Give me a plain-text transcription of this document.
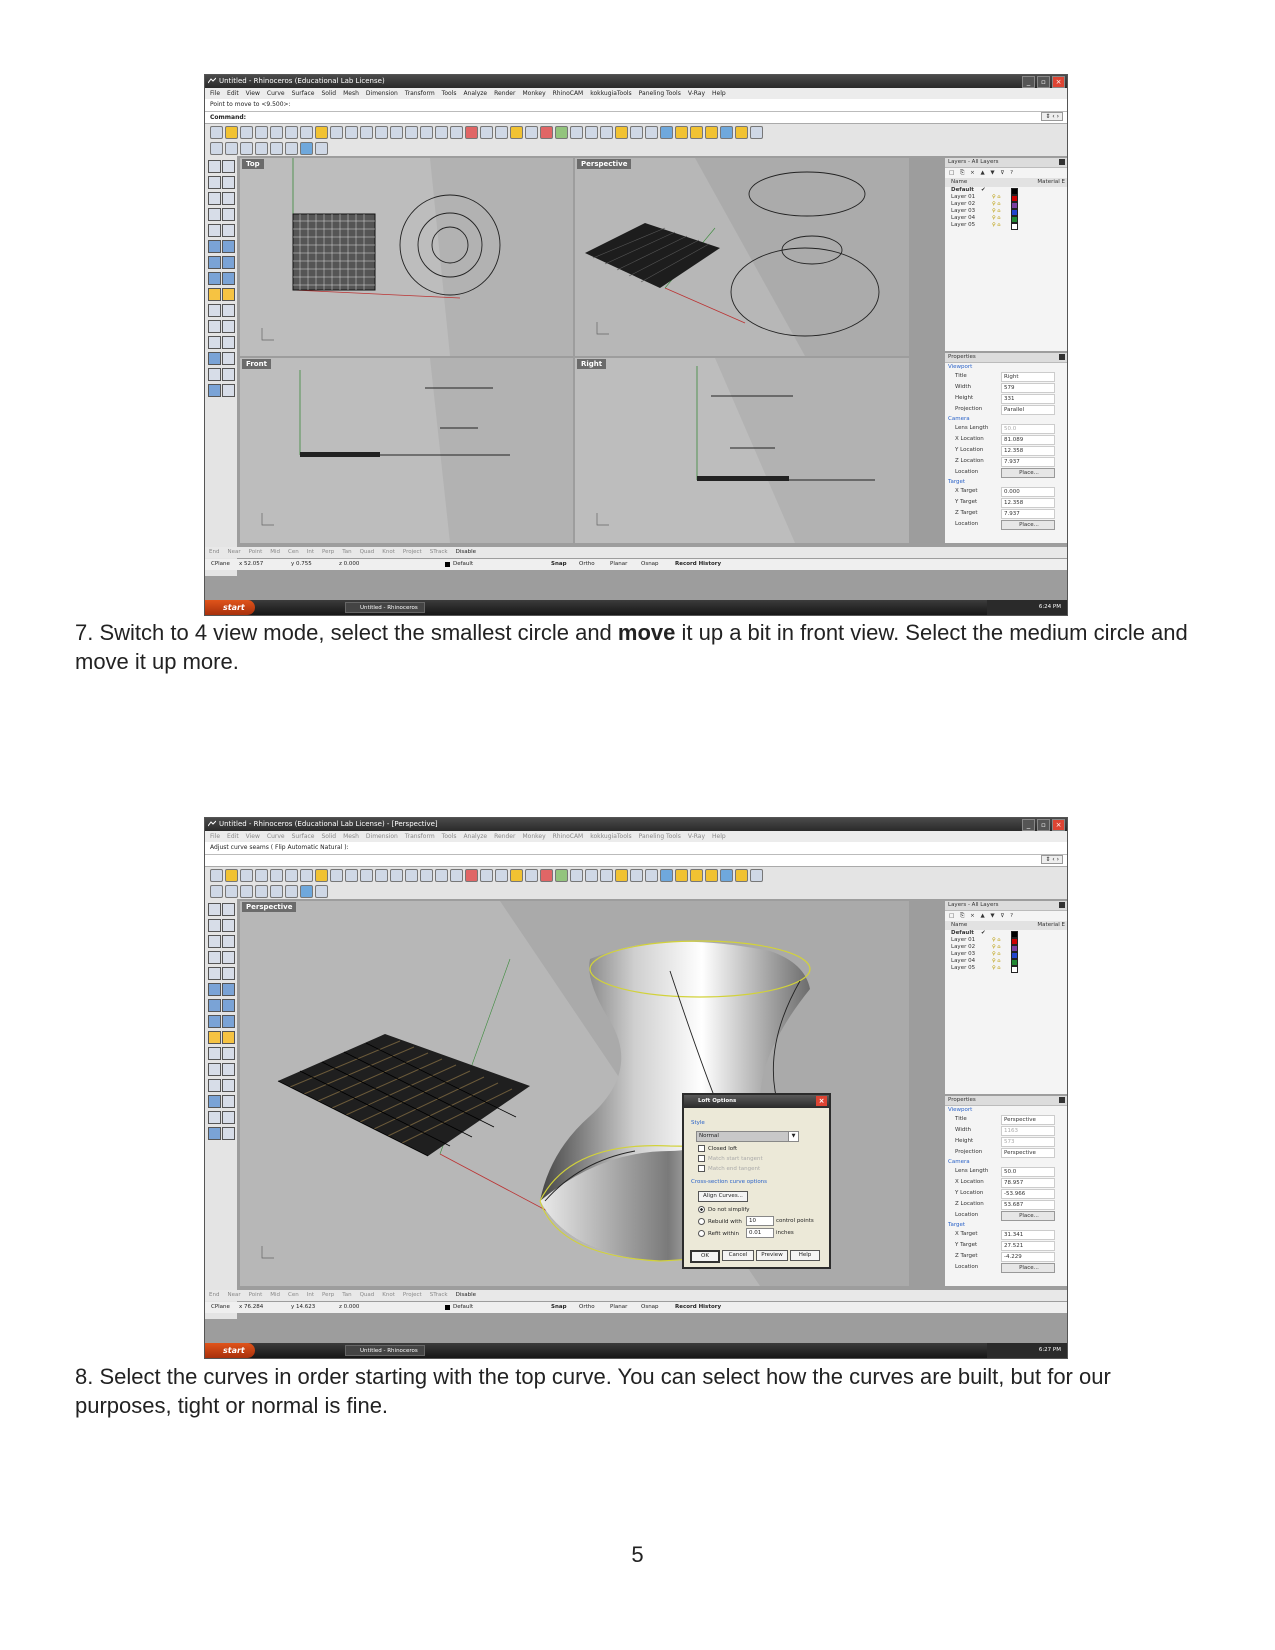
Untitled - Rhinoceros (Educational Lab License)	_	▫	×
File Edit View Curve Surface Solid Mesh Dimension Transform Tools Analyze Render Monkey RhinoCAM kokkugiaTools Paneling Tools V-Ray Help
Point to move to <9.500>:
Command:	⇕ ‹ ›
Top	Perspective
Front	Right
Layers - All Layers
□ ⎘ × ▲ ▼ ⊽ ?
Name	Material E
Default ✔
Layer 01	♀ ⌂
Layer 02	♀ ⌂
Layer 03	♀ ⌂
Layer 04	♀ ⌂
Layer 05	♀ ⌂
Properties
Viewport
Title	Right
Width	579
Height	331
Projection	Parallel
Camera
Lens Length	50.0
X Location	81.089
Y Location	12.358
Z Location	7.937
Location	Place...
Target
X Target	0.000
Y Target	12.358
Z Target	7.937
Location	Place...
End Near Point Mid Cen Int Perp Tan Quad Knot Project STrack Disable
CPlane x 52.057	y 0.755	z 0.000	Default	Snap Ortho	Planar Osnap	Record History
start	Untitled - Rhinoceros	6:24 PM
7. Switch to 4 view mode, select the smallest circle and move it up a bit in front view. Select the medium circle and move it up more.
Untitled - Rhinoceros (Educational Lab License) - [Perspective]	_	▫	×
File Edit View Curve Surface Solid Mesh Dimension Transform Tools Analyze Render Monkey RhinoCAM kokkugiaTools Paneling Tools V-Ray Help
Adjust curve seams ( Flip Automatic Natural ):
⇕ ‹ ›
Perspective
Loft Options	×
Style
Normal	▼
Closed loft
Match start tangent
Match end tangent
Cross-section curve options
Align Curves...
Do not simplify
Rebuild with	10	control points
Refit within	0.01	inches
OK	Cancel	Preview	Help
Layers - All Layers
□ ⎘ × ▲ ▼ ⊽ ?
Name	Material E
Default ✔
Layer 01	♀ ⌂
Layer 02	♀ ⌂
Layer 03	♀ ⌂
Layer 04	♀ ⌂
Layer 05	♀ ⌂
Properties
Viewport
Title	Perspective
Width	1163
Height	573
Projection	Perspective
Camera
Lens Length	50.0
X Location	78.957
Y Location	-53.966
Z Location	53.687
Location	Place...
Target
X Target	31.341
Y Target	27.521
Z Target	-4.229
Location	Place...
End Near Point Mid Cen Int Perp Tan Quad Knot Project STrack Disable
CPlane x 76.284	y 14.623	z 0.000	Default	Snap Ortho	Planar Osnap	Record History
start	Untitled - Rhinoceros	6:27 PM
8. Select the curves in order starting with the top curve. You can select how the curves are built, but for our purposes, tight or normal is fine.
5
